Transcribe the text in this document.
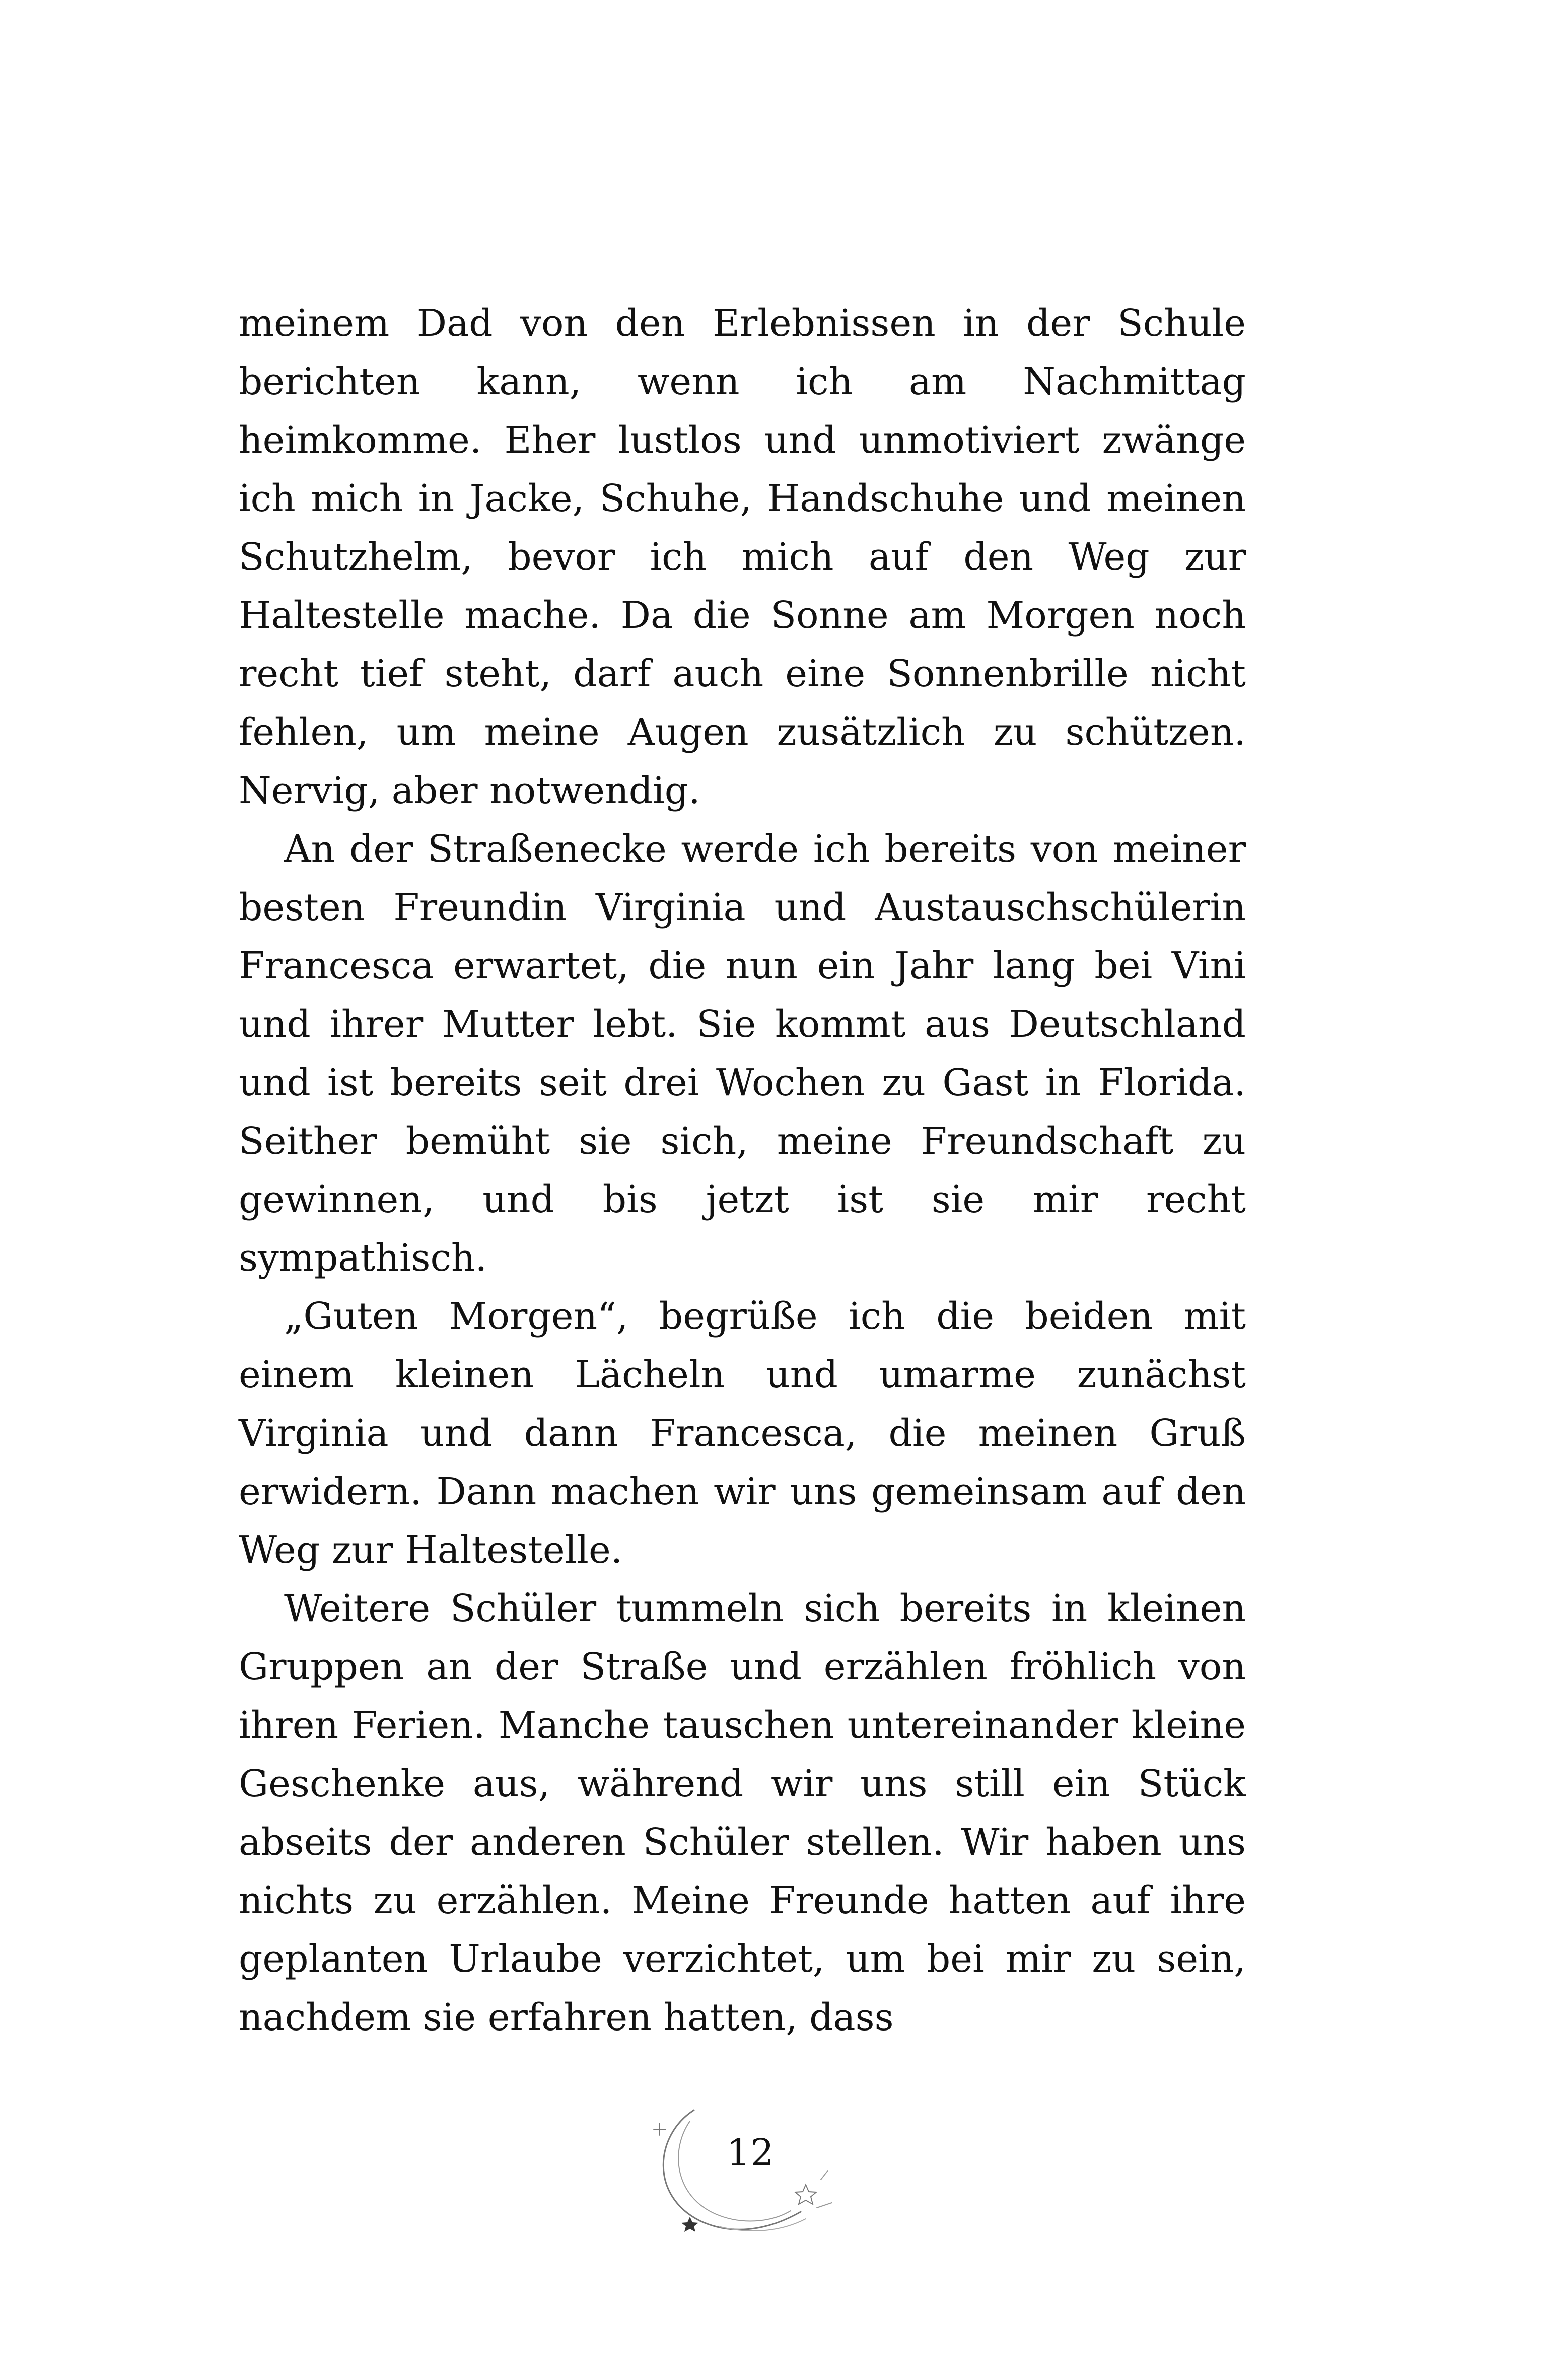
meinem Dad von den Erlebnissen in der Schule berichten kann, wenn ich am Nachmittag heimkomme. Eher lustlos und unmotiviert zwänge ich mich in Jacke, Schuhe, Handschuhe und meinen Schutzhelm, bevor ich mich auf den Weg zur Haltestelle mache. Da die Sonne am Morgen noch recht tief steht, darf auch eine Sonnenbrille nicht fehlen, um meine Augen zusätzlich zu schützen. Nervig, aber notwendig.

An der Straßenecke werde ich bereits von meiner besten Freundin Virginia und Austauschschülerin Francesca erwartet, die nun ein Jahr lang bei Vini und ihrer Mutter lebt. Sie kommt aus Deutschland und ist bereits seit drei Wochen zu Gast in Florida. Seither bemüht sie sich, meine Freundschaft zu gewinnen, und bis jetzt ist sie mir recht sympathisch.

„Guten Morgen“, begrüße ich die beiden mit einem kleinen Lächeln und umarme zunächst Virginia und dann Francesca, die meinen Gruß erwidern. Dann machen wir uns gemeinsam auf den Weg zur Haltestelle.

Weitere Schüler tummeln sich bereits in kleinen Gruppen an der Straße und erzählen fröhlich von ihren Ferien. Manche tauschen untereinander kleine Geschenke aus, während wir uns still ein Stück abseits der anderen Schüler stellen. Wir haben uns nichts zu erzählen. Meine Freunde hatten auf ihre geplanten Urlaube verzichtet, um bei mir zu sein, nachdem sie erfahren hatten, dass

12
